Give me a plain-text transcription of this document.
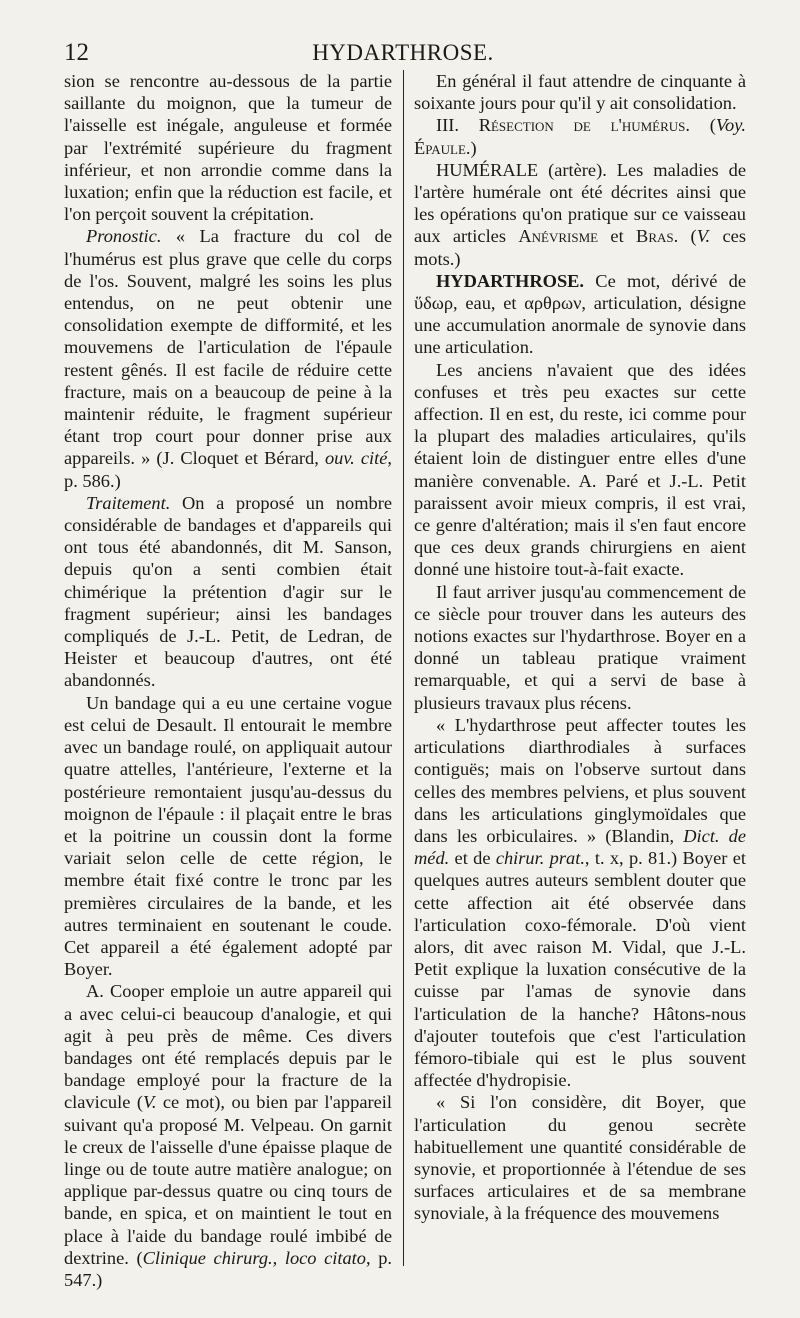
12	HYDARTHROSE.

sion se rencontre au-dessous de la partie saillante du moignon, que la tumeur de l'aisselle est inégale, anguleuse et formée par l'extrémité supérieure du fragment inférieur, et non arrondie comme dans la luxation; enfin que la réduction est facile, et l'on perçoit souvent la crépitation.

Pronostic. « La fracture du col de l'humérus est plus grave que celle du corps de l'os. Souvent, malgré les soins les plus entendus, on ne peut obtenir une consolidation exempte de difformité, et les mouvemens de l'articulation de l'épaule restent gênés. Il est facile de réduire cette fracture, mais on a beaucoup de peine à la maintenir réduite, le fragment supérieur étant trop court pour donner prise aux appareils. » (J. Cloquet et Bérard, ouv. cité, p. 586.)

Traitement. On a proposé un nombre considérable de bandages et d'appareils qui ont tous été abandonnés, dit M. Sanson, depuis qu'on a senti combien était chimérique la prétention d'agir sur le fragment supérieur; ainsi les bandages compliqués de J.-L. Petit, de Ledran, de Heister et beaucoup d'autres, ont été abandonnés.

Un bandage qui a eu une certaine vogue est celui de Desault. Il entourait le membre avec un bandage roulé, on appliquait autour quatre attelles, l'antérieure, l'externe et la postérieure remontaient jusqu'au-dessus du moignon de l'épaule : il plaçait entre le bras et la poitrine un coussin dont la forme variait selon celle de cette région, le membre était fixé contre le tronc par les premières circulaires de la bande, et les autres terminaient en soutenant le coude. Cet appareil a été également adopté par Boyer.

A. Cooper emploie un autre appareil qui a avec celui-ci beaucoup d'analogie, et qui agit à peu près de même. Ces divers bandages ont été remplacés depuis par le bandage employé pour la fracture de la clavicule (V. ce mot), ou bien par l'appareil suivant qu'a proposé M. Velpeau. On garnit le creux de l'aisselle d'une épaisse plaque de linge ou de toute autre matière analogue; on applique par-dessus quatre ou cinq tours de bande, en spica, et on maintient le tout en place à l'aide du bandage roulé imbibé de dextrine. (Clinique chirurg., loco citato, p. 547.)

En général il faut attendre de cinquante à soixante jours pour qu'il y ait consolidation.

III. Résection de l'humérus. (Voy. Épaule.)

HUMÉRALE (artère). Les maladies de l'artère humérale ont été décrites ainsi que les opérations qu'on pratique sur ce vaisseau aux articles Anévrisme et Bras. (V. ces mots.)

HYDARTHROSE. Ce mot, dérivé de ὕδωρ, eau, et αρθρων, articulation, désigne une accumulation anormale de synovie dans une articulation.

Les anciens n'avaient que des idées confuses et très peu exactes sur cette affection. Il en est, du reste, ici comme pour la plupart des maladies articulaires, qu'ils étaient loin de distinguer entre elles d'une manière convenable. A. Paré et J.-L. Petit paraissent avoir mieux compris, il est vrai, ce genre d'altération; mais il s'en faut encore que ces deux grands chirurgiens en aient donné une histoire tout-à-fait exacte.

Il faut arriver jusqu'au commencement de ce siècle pour trouver dans les auteurs des notions exactes sur l'hydarthrose. Boyer en a donné un tableau pratique vraiment remarquable, et qui a servi de base à plusieurs travaux plus récens.

« L'hydarthrose peut affecter toutes les articulations diarthrodiales à surfaces contiguës; mais on l'observe surtout dans celles des membres pelviens, et plus souvent dans les articulations ginglymoïdales que dans les orbiculaires. » (Blandin, Dict. de méd. et de chirur. prat., t. x, p. 81.) Boyer et quelques autres auteurs semblent douter que cette affection ait été observée dans l'articulation coxo-fémorale. D'où vient alors, dit avec raison M. Vidal, que J.-L. Petit explique la luxation consécutive de la cuisse par l'amas de synovie dans l'articulation de la hanche? Hâtons-nous d'ajouter toutefois que c'est l'articulation fémoro-tibiale qui est le plus souvent affectée d'hydropisie.

« Si l'on considère, dit Boyer, que l'articulation du genou secrète habituellement une quantité considérable de synovie, et proportionnée à l'étendue de ses surfaces articulaires et de sa membrane synoviale, à la fréquence des mouvemens
